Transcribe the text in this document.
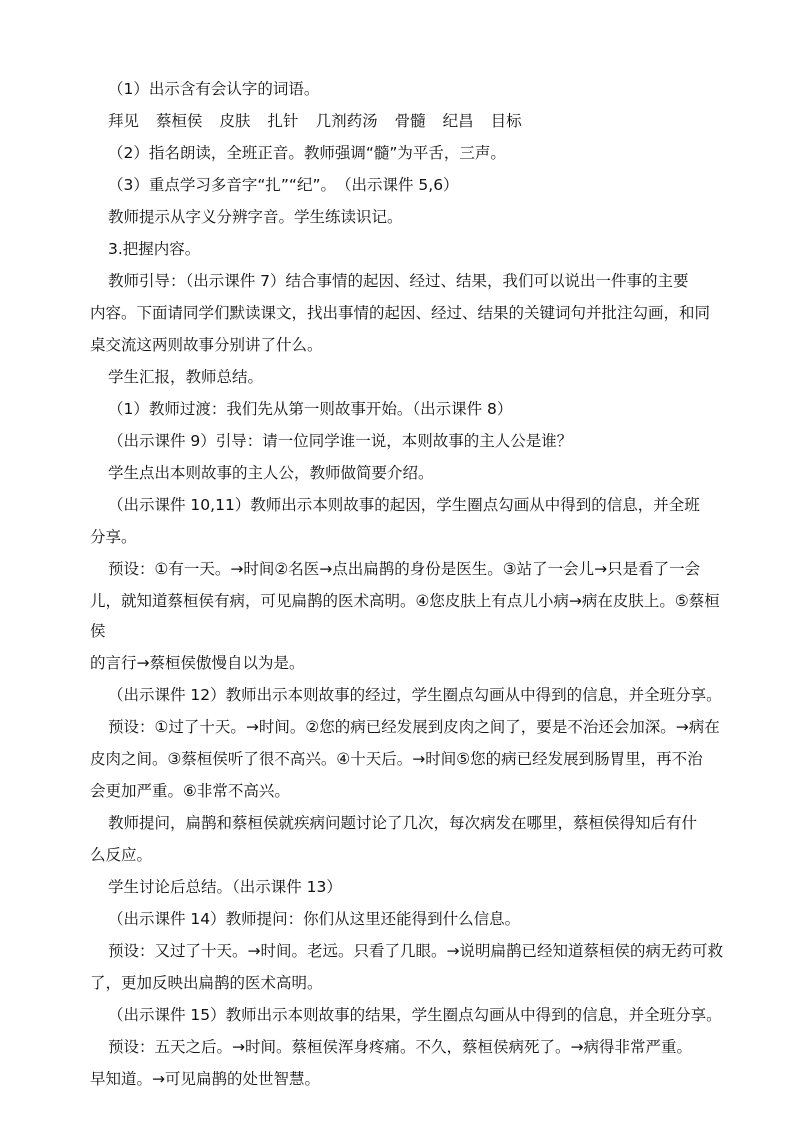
（1）出示含有会认字的词语。

拜见 蔡桓侯 皮肤 扎针 几剂药汤 骨髓 纪昌 目标

（2）指名朗读，全班正音。教师强调“髓”为平舌，三声。

（3）重点学习多音字“扎”“纪”。　（出示课件 5,6）

教师提示从字义分辨字音。学生练读识记。

3.把握内容。

教师引导：（出示课件 7）结合事情的起因、经过、结果，我们可以说出一件事的主要

内容。下面请同学们默读课文，找出事情的起因、经过、结果的关键词句并批注勾画，和同

桌交流这两则故事分别讲了什么。

学生汇报，教师总结。

（1）教师过渡：我们先从第一则故事开始。（出示课件 8）

（出示课件 9）引导：请一位同学谁一说，本则故事的主人公是谁？

学生点出本则故事的主人公，教师做简要介绍。

（出示课件 10,11）教师出示本则故事的起因，学生圈点勾画从中得到的信息，并全班

分享。

预设：①有一天。→时间②名医→点出扁鹊的身份是医生。③站了一会儿→只是看了一会

儿，就知道蔡桓侯有病，可见扁鹊的医术高明。④您皮肤上有点儿小病→病在皮肤上。⑤蔡桓侯

的言行→蔡桓侯傲慢自以为是。

（出示课件 12）教师出示本则故事的经过，学生圈点勾画从中得到的信息，并全班分享。

预设：①过了十天。→时间。②您的病已经发展到皮肉之间了，要是不治还会加深。→病在

皮肉之间。③蔡桓侯听了很不高兴。④十天后。→时间⑤您的病已经发展到肠胃里，再不治

会更加严重。⑥非常不高兴。

教师提问，扁鹊和蔡桓侯就疾病问题讨论了几次，每次病发在哪里，蔡桓侯得知后有什

么反应。

学生讨论后总结。（出示课件 13）

（出示课件 14）教师提问：你们从这里还能得到什么信息。

预设：又过了十天。→时间。老远。只看了几眼。→说明扁鹊已经知道蔡桓侯的病无药可救

了，更加反映出扁鹊的医术高明。

（出示课件 15）教师出示本则故事的结果，学生圈点勾画从中得到的信息，并全班分享。

预设：五天之后。→时间。蔡桓侯浑身疼痛。不久，蔡桓侯病死了。→病得非常严重。

早知道。→可见扁鹊的处世智慧。
